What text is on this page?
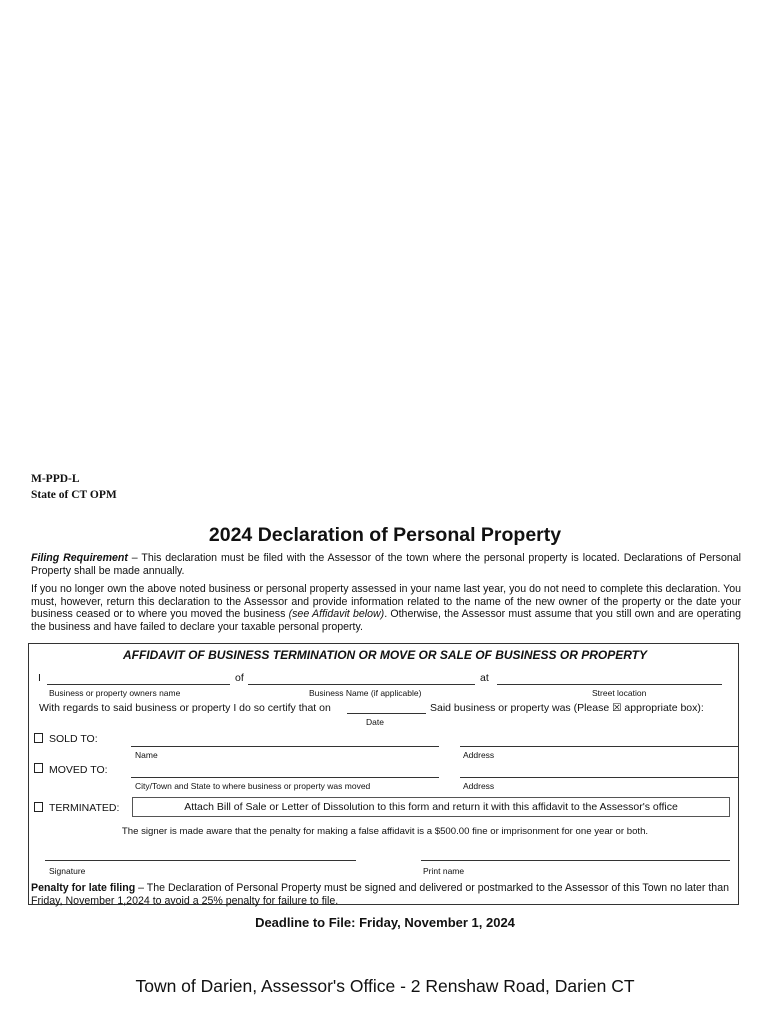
M-PPD-L
State of CT OPM
2024 Declaration of Personal Property
Filing Requirement – This declaration must be filed with the Assessor of the town where the personal property is located. Declarations of Personal Property shall be made annually.
If you no longer own the above noted business or personal property assessed in your name last year, you do not need to complete this declaration. You must, however, return this declaration to the Assessor and provide information related to the name of the new owner of the property or the date your business ceased or to where you moved the business (see Affidavit below). Otherwise, the Assessor must assume that you still own and are operating the business and have failed to declare your taxable personal property.
AFFIDAVIT OF BUSINESS TERMINATION OR MOVE OR SALE OF BUSINESS OR PROPERTY
I	of	at
Business or property owners name	Business Name (if applicable)	Street location
With regards to said business or property I do so certify that on	Said business or property was (Please ☒ appropriate box):
Date
SOLD TO:
Name	Address
MOVED TO:
City/Town and State to where business or property was moved	Address
TERMINATED:	Attach Bill of Sale or Letter of Dissolution to this form and return it with this affidavit to the Assessor's office
The signer is made aware that the penalty for making a false affidavit is a $500.00 fine or imprisonment for one year or both.
Signature	Print name
Penalty for late filing – The Declaration of Personal Property must be signed and delivered or postmarked to the Assessor of this Town no later than Friday, November 1,2024 to avoid a 25% penalty for failure to file.
Deadline to File: Friday, November 1, 2024
Town of Darien, Assessor's Office - 2 Renshaw Road, Darien CT
